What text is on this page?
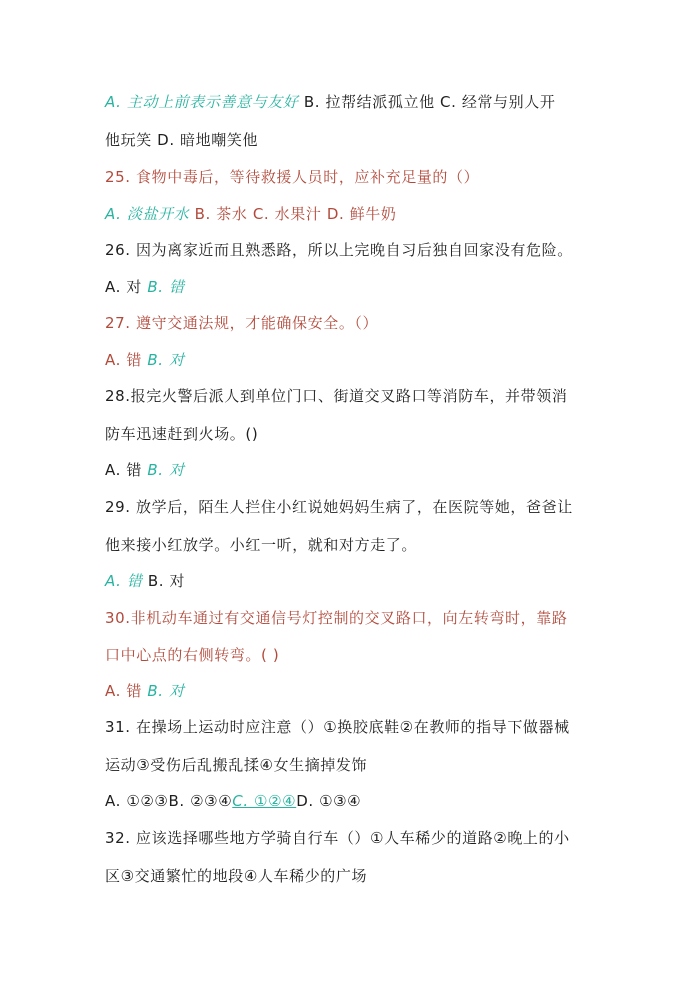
A. 主动上前表示善意与友好 B. 拉帮结派孤立他 C. 经常与别人开
他玩笑 D. 暗地嘲笑他
25. 食物中毒后，等待救援人员时，应补充足量的（）
A. 淡盐开水 B. 茶水 C. 水果汁 D. 鲜牛奶
26. 因为离家近而且熟悉路，所以上完晚自习后独自回家没有危险。
A. 对 B. 错
27. 遵守交通法规，才能确保安全。（）
A. 错 B. 对
28.报完火警后派人到单位门口、街道交叉路口等消防车，并带领消
防车迅速赶到火场。()
A. 错 B. 对
29. 放学后，陌生人拦住小红说她妈妈生病了，在医院等她，爸爸让
他来接小红放学。小红一听，就和对方走了。
A. 错 B. 对
30.非机动车通过有交通信号灯控制的交叉路口，向左转弯时，靠路
口中心点的右侧转弯。( )
A. 错 B. 对
31. 在操场上运动时应注意（）①换胶底鞋②在教师的指导下做器械
运动③受伤后乱搬乱揉④女生摘掉发饰
A. ①②③B. ②③④C. ①②④D. ①③④
32. 应该选择哪些地方学骑自行车（）①人车稀少的道路②晚上的小
区③交通繁忙的地段④人车稀少的广场
